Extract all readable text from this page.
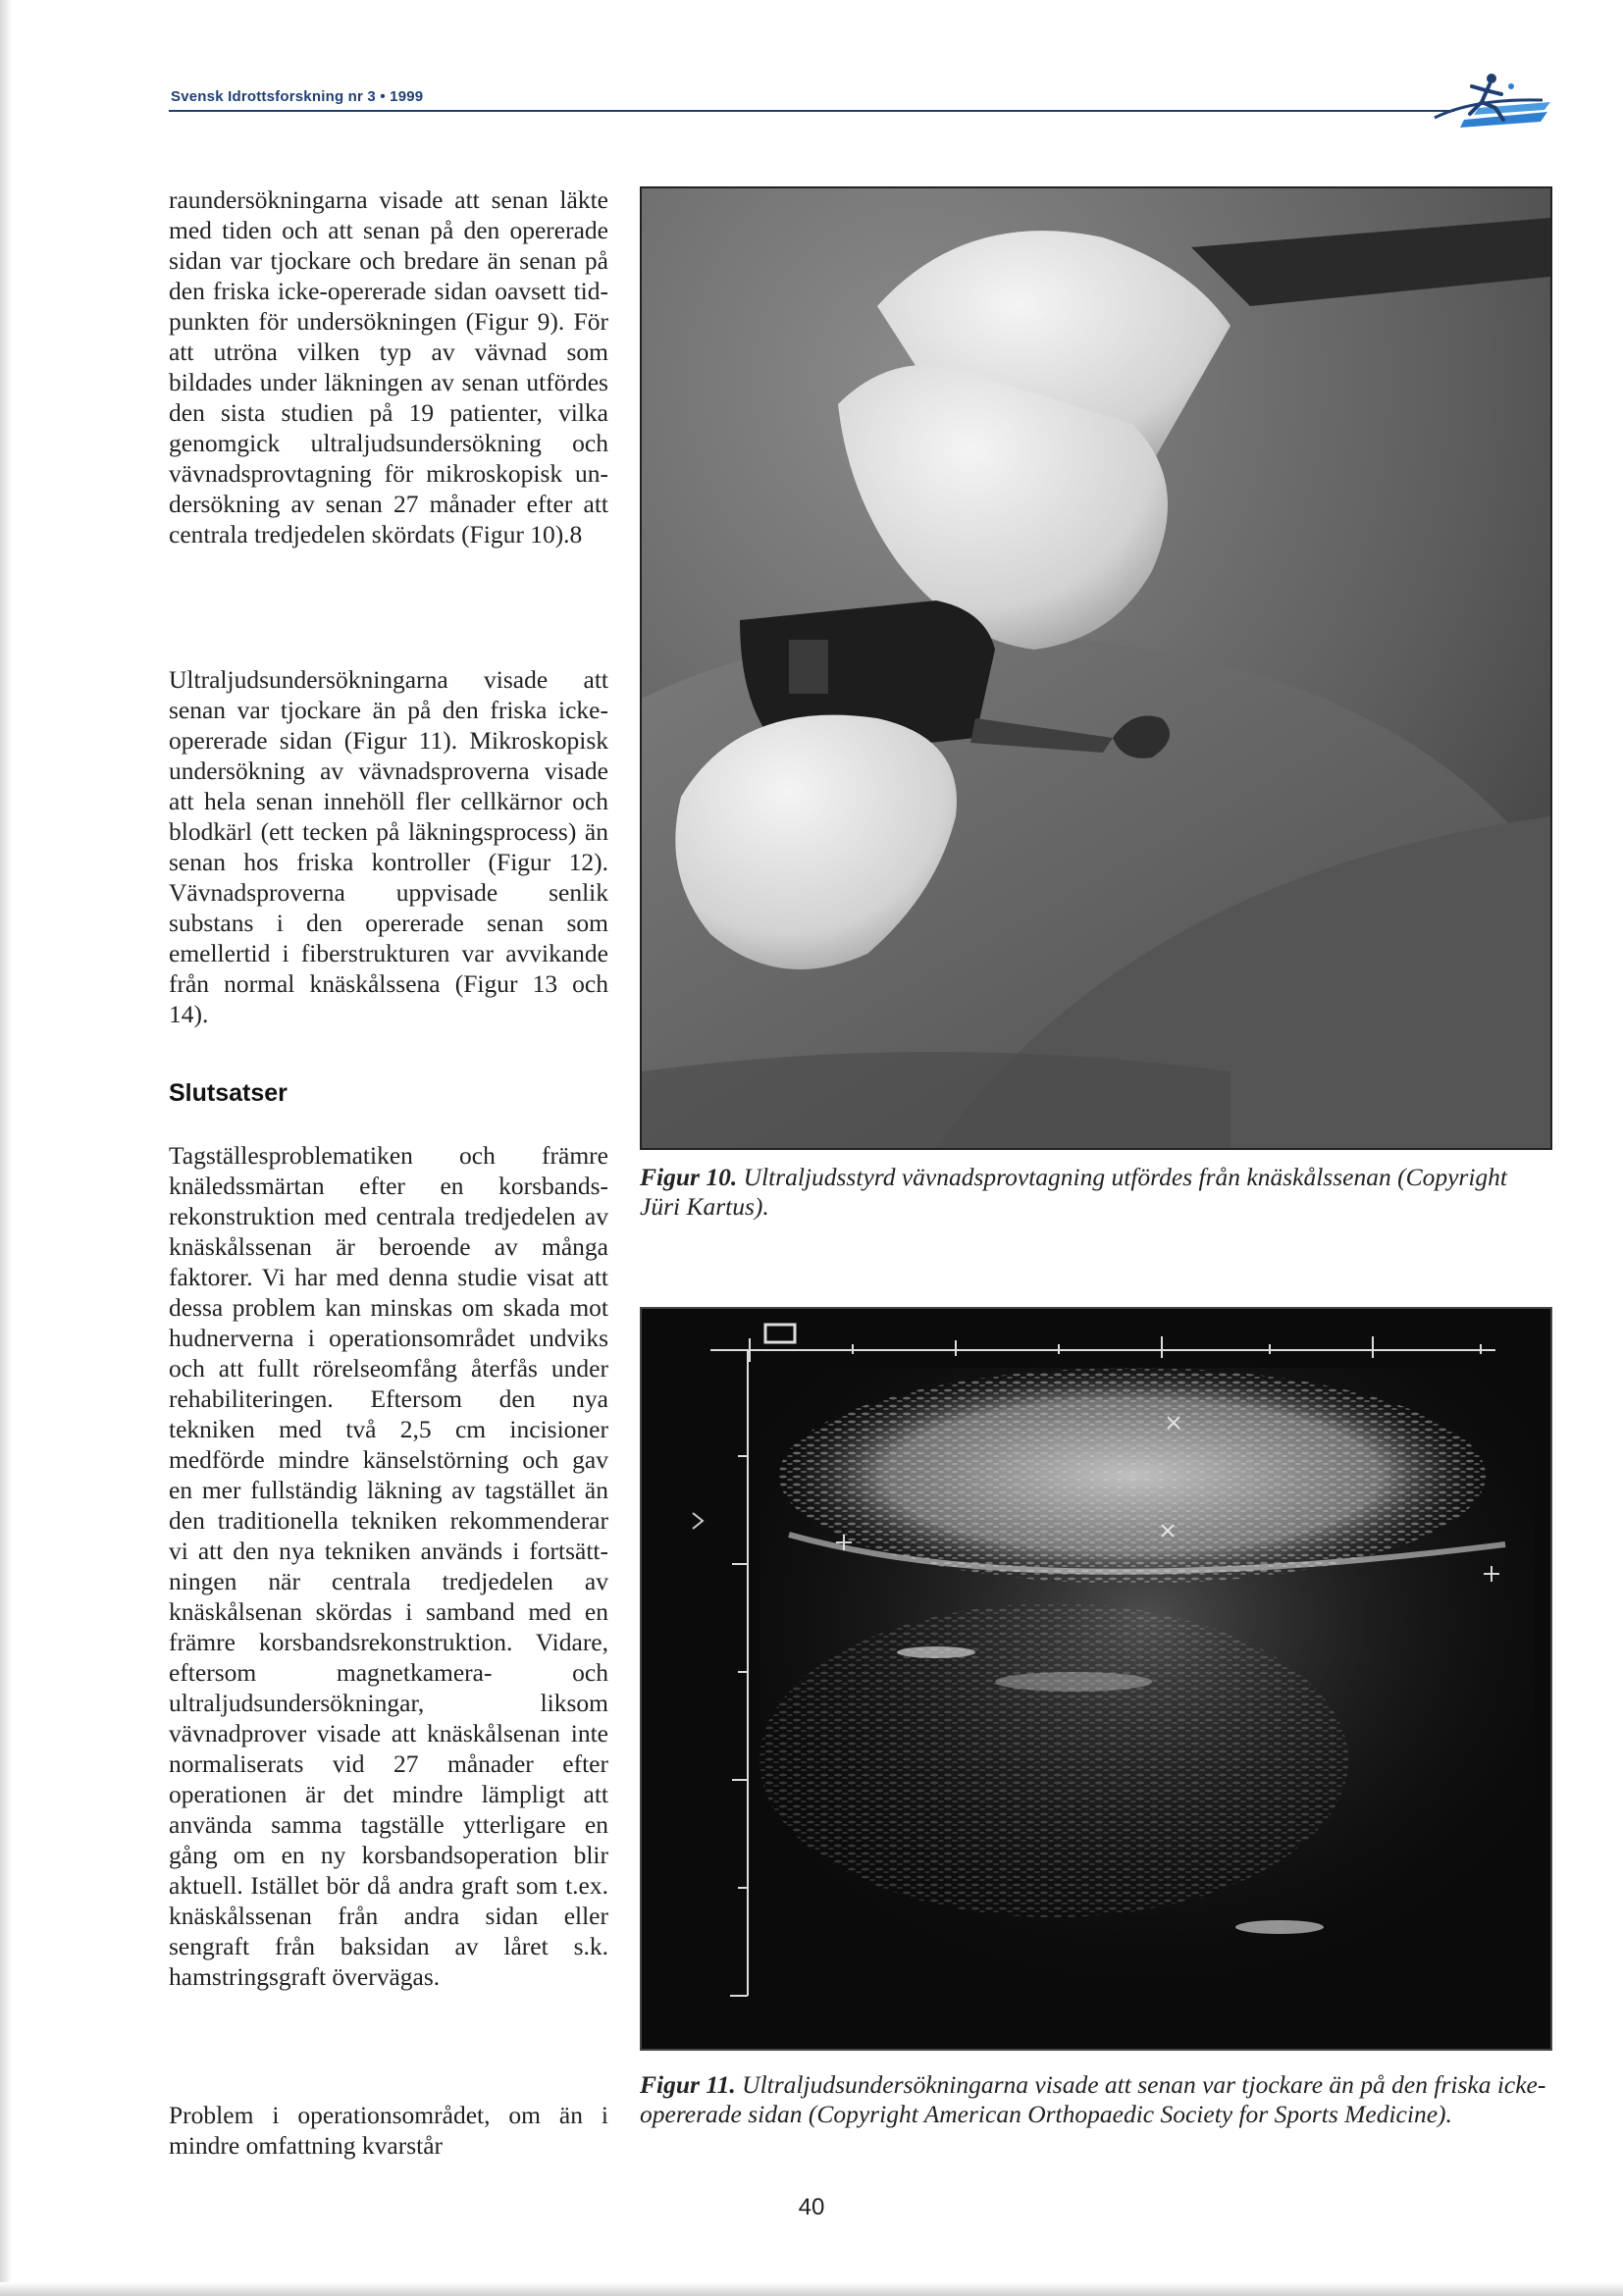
Svensk Idrottsforskning nr 3 • 1999
raundersökningarna visade att senan läkte med tiden och att senan på den opererade sidan var tjockare och bredare än senan på den friska icke-opererade sidan oavsett tidpunkten för undersökningen (Figur 9). För att utröna vilken typ av vävnad som bildades under läkningen av senan utfördes den sista studien på 19 patienter, vilka genomgick ultraljudsundersökning och vävnadsprovtagning för mikroskopisk undersökning av senan 27 månader efter att centrala tredjedelen skördats (Figur 10).8
Ultraljudsundersökningarna visade att senan var tjockare än på den friska icke-opererade sidan (Figur 11). Mikroskopisk undersökning av vävnadsproverna visade att hela senan innehöll fler cellkärnor och blodkärl (ett tecken på läkningsprocess) än senan hos friska kontroller (Figur 12). Vävnadsproverna uppvisade senlik substans i den opererade senan som emellertid i fiberstrukturen var avvikande från normal knäskålssena (Figur 13 och 14).
Slutsatser
Tagställesproblematiken och främre knäledssmärtan efter en korsbandsrekonstruktion med centrala tredjedelen av knäskålssenan är beroende av många faktorer. Vi har med denna studie visat att dessa problem kan minskas om skada mot hudnerverna i operationsområdet undviks och att fullt rörelseomfång återfås under rehabiliteringen. Eftersom den nya tekniken med två 2,5 cm incisioner medförde mindre känselstörning och gav en mer fullständig läkning av tagstället än den traditionella tekniken rekommenderar vi att den nya tekniken används i fortsättningen när centrala tredjedelen av knäskålsenan skördas i samband med en främre korsbandsrekonstruktion. Vidare, eftersom magnetkamera- och ultraljudsundersökningar, liksom vävnadprover visade att knäskålsenan inte normaliserats vid 27 månader efter operationen är det mindre lämpligt att använda samma tagställe ytterligare en gång om en ny korsbandsoperation blir aktuell. Istället bör då andra graft som t.ex. knäskålssenan från andra sidan eller sengraft från baksidan av låret s.k. hamstringsgraft övervägas.
Problem i operationsområdet, om än i mindre omfattning kvarstår
Figur 10. Ultraljudsstyrd vävnadsprovtagning utfördes från knäskålssenan (Copyright Jüri Kartus).
Figur 11. Ultraljudsundersökningarna visade att senan var tjockare än på den friska icke-opererade sidan (Copyright American Orthopaedic Society for Sports Medicine).
40
